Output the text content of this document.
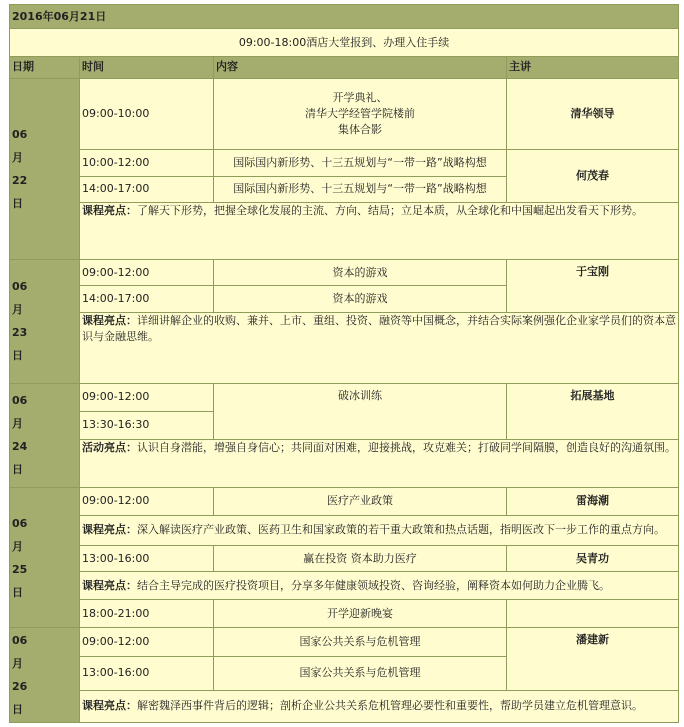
2016年06月21日			
09:00-18:00酒店大堂报到、办理入住手续			
日期	时间	内容	主讲

06
月
22
日	09:00-10:00	开学典礼、
清华大学经管学院楼前
集体合影	清华领导
	10:00-12:00	国际国内新形势、十三五规划与“一带一路”战略构想	何茂春
	14:00-17:00	国际国内新形势、十三五规划与“一带一路”战略构想	
	课程亮点：了解天下形势，把握全球化发展的主流、方向、结局；立足本质，从全球化和中国崛起出发看天下形势。		

06
月
23
日	09:00-12:00	资本的游戏	于宝刚
	14:00-17:00	资本的游戏	
	课程亮点：详细讲解企业的收购、兼并、上市、重组、投资、融资等中国概念，并结合实际案例强化企业家学员们的资本意识与金融思维。		

06
月
24
日	09:00-12:00	破冰训练	拓展基地
	13:30-16:30		
	活动亮点：认识自身潜能，增强自身信心；共同面对困难，迎接挑战，攻克难关；打破同学间隔膜，创造良好的沟通氛围。		

06
月
25
日	09:00-12:00	医疗产业政策	雷海潮
	课程亮点：深入解读医疗产业政策、医药卫生和国家政策的若干重大政策和热点话题，指明医改下一步工作的重点方向。		
	13:00-16:00	赢在投资 资本助力医疗	吴青功
	课程亮点：结合主导完成的医疗投资项目，分享多年健康领域投资、咨询经验，阐释资本如何助力企业腾飞。		
	18:00-21:00	开学迎新晚宴	

06
月
26
日	09:00-12:00	国家公共关系与危机管理	潘建新
	13:00-16:00	国家公共关系与危机管理	
	课程亮点：解密魏泽西事件背后的逻辑；剖析企业公共关系危机管理必要性和重要性，帮助学员建立危机管理意识。		
